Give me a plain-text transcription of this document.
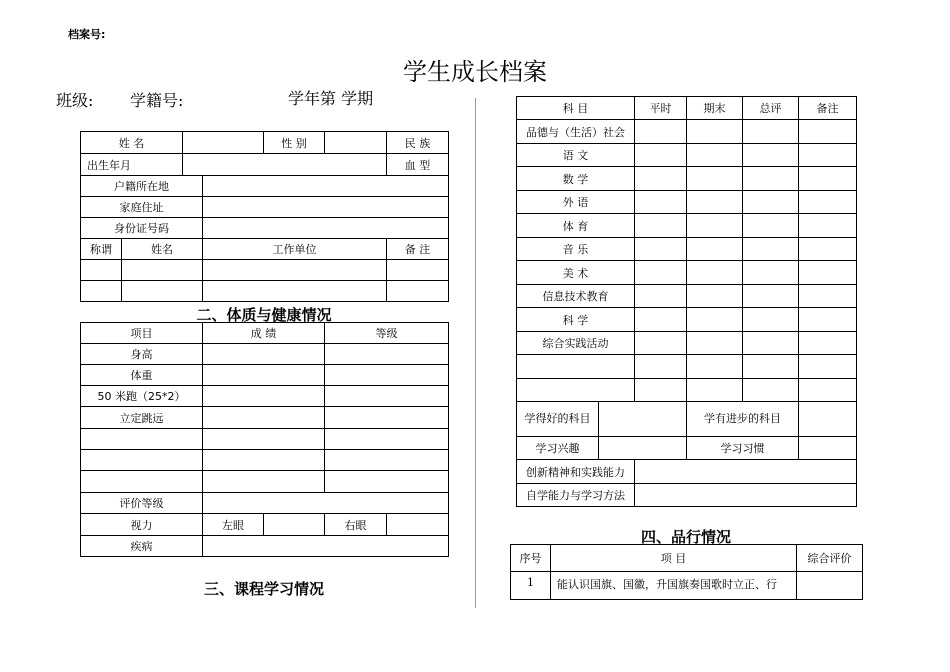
档案号:
学生成长档案
班级: 学籍号:	学年第 学期
姓 名				性 别		民 族
出生年月						血 型
户籍所在地						
家庭住址						
身份证号码						
称谓	姓名		工作单位			备 注

二、体质与健康情况
项目	成 绩		等级	
身高				
体重				
50 米跑（25*2）				
立定跳远				

评价等级				
视力	左眼		右眼	
疾病				
三、课程学习情况
科 目		平时	期末	总评	备注
品德与（生活）社会					
语 文					
数 学					
外 语					
体 育					
音 乐					
美 术					
信息技术教育					
科 学					
综合实践活动					

学得好的科目			学有进步的科目		
学习兴趣			学习习惯		
创新精神和实践能力					
自学能力与学习方法					
四、品行情况
序号	项 目	综合评价
1	能认识国旗、国徽，升国旗奏国歌时立正、行	
